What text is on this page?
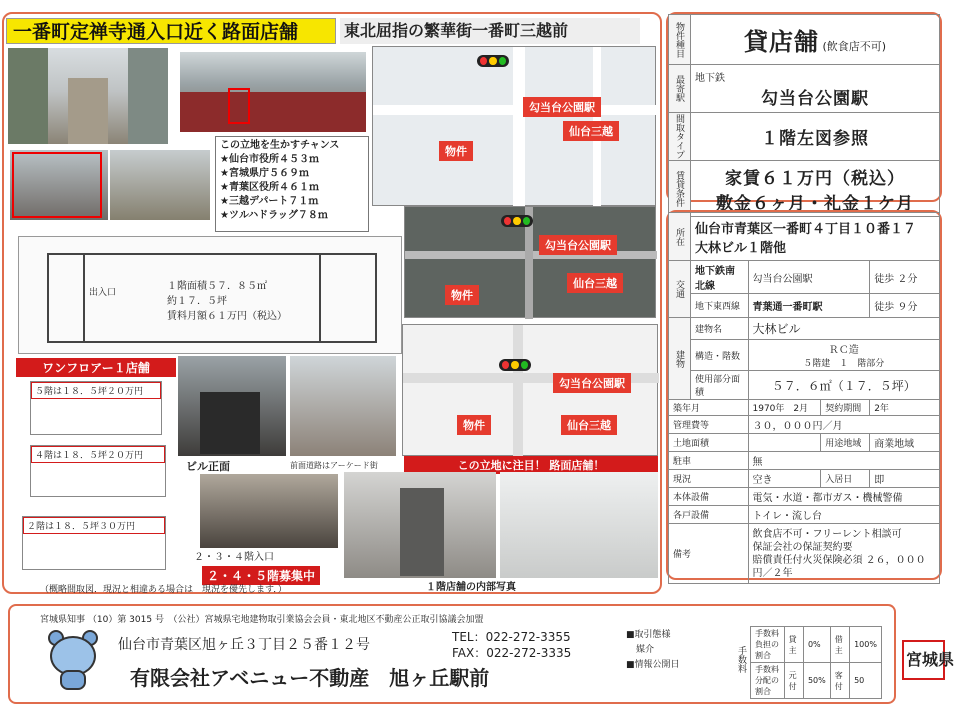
一番町定禅寺通入口近く路面店舗	東北屈指の繁華街一番町三越前
この立地を生かすチャンス
★仙台市役所４５３ｍ
★宮城県庁５６９ｍ
★青葉区役所４６１ｍ
★三越デパート７１ｍ
★ツルハドラッグ７８ｍ
勾当台公園駅
仙台三越
物件
勾当台公園駅
仙台三越
物件
勾当台公園駅
仙台三越
物件
出入口
１階面積５７．８５㎡
約１７．５坪
賃料月額６１万円（税込）
ワンフロアー１店舗
５階は１８．５坪２０万円
４階は１８．５坪２０万円
２階は１８．５坪３０万円
ビル正面	前面道路はアーケード街	この立地に注目！ 路面店舗！
２・３・４階入口
２・４・５階募集中
１階店舗の内部写真
（概略間取図．現況と相違ある場合は　現況を優先します．）
物件種目	貸店舗 (飲食店不可)
最寄駅	地下鉄
勾当台公園駅

間取タイプ	１階左図参照
賃貸条件	家賃６１万円（税込）
敷金６ヶ月・礼金１ケ月
所在	仙台市青葉区一番町４丁目１０番１７　大林ビル１階他			
交通	地下鉄南北線	勾当台公園駅		徒歩 ２分
	地下東西線	青葉通一番町駅		徒歩 ９分
建物	建物名	大林ビル		
	構造・階数	ＲＣ造
５階建　１　階部分		

	使用部分面積	５７．６㎡（１７．５坪）		
築年月		1970年　2月	契約期間	2年
管理費等		３０，０００円／月		
土地面積			用途地域	商業地域
駐車		無		
現況		空き	入居日	即
本体設備		電気・水道・都市ガス・機械警備		
各戸設備		トイレ・流し台		
備考		飲食店不可・フリーレント相談可
保証会社の保証契約要
賠償責任付火災保険必須 ２６，０００円／２年		
宮城県知事 （10）第 3015 号　（公社）宮城県宅地建物取引業協会会員・東北地区不動産公正取引協議会加盟
仙台市青葉区旭ヶ丘３丁目２５番１２号	TEL：022-272-3355
FAX：022-272-3335
有限会社アベニュー不動産　旭ヶ丘駅前
■取引態様
媒介
■情報公開日	手数料
手数料負担の割合	貸主	0%	借主	100%
手数料分配の割合	元付	50%	客付	50
宮城県
